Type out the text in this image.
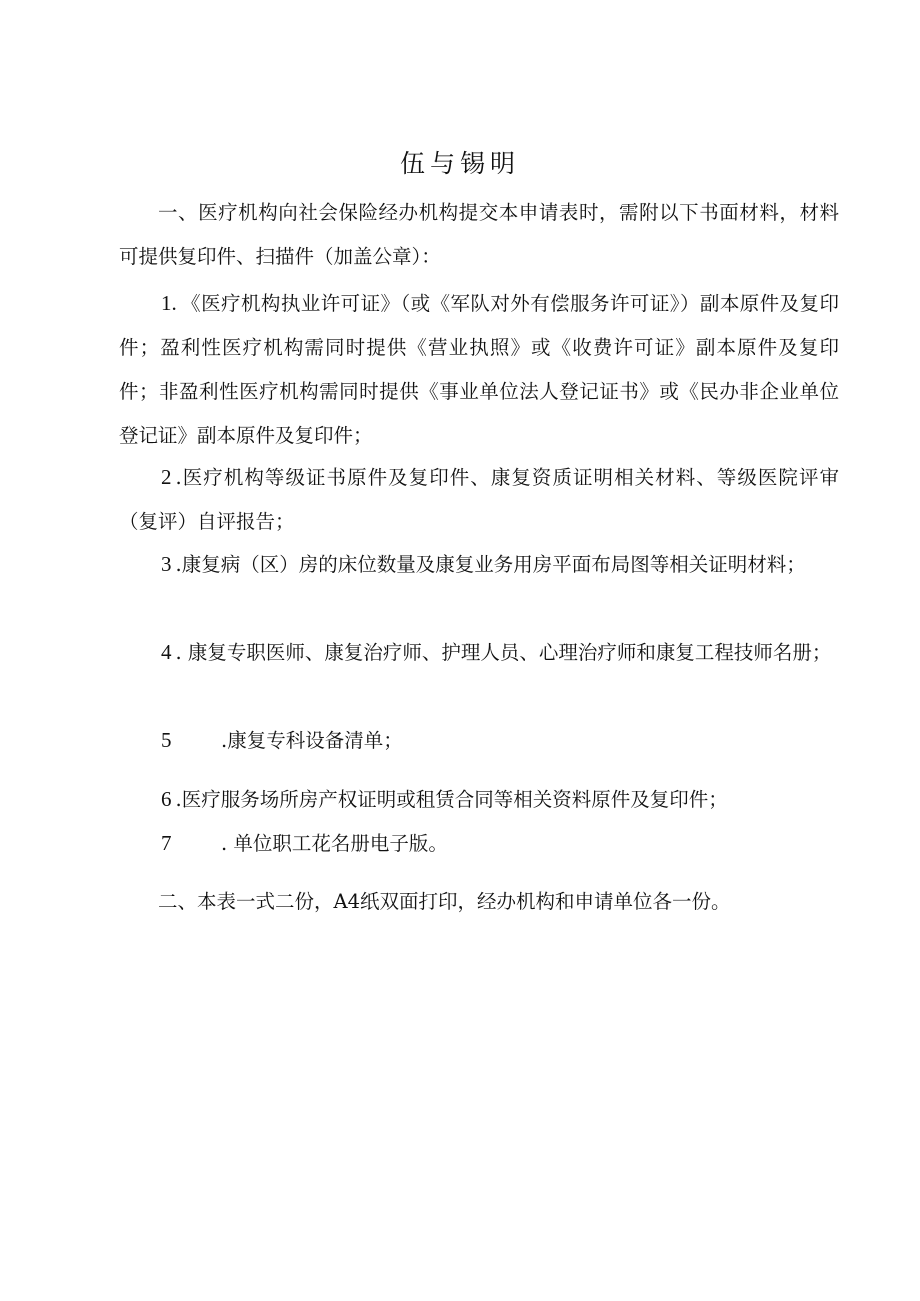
伍与锡明

一、医疗机构向社会保险经办机构提交本申请表时，需附以下书面材料，材料可提供复印件、扫描件（加盖公章）：

1. 《医疗机构执业许可证》（或《军队对外有偿服务许可证》）副本原件及复印件；盈利性医疗机构需同时提供《营业执照》或《收费许可证》副本原件及复印件；非盈利性医疗机构需同时提供《事业单位法人登记证书》或《民办非企业单位登记证》副本原件及复印件；

2 .医疗机构等级证书原件及复印件、康复资质证明相关材料、等级医院评审（复评）自评报告；

3 .康复病（区）房的床位数量及康复业务用房平面布局图等相关证明材料；

4 . 康复专职医师、康复治疗师、护理人员、心理治疗师和康复工程技师名册；

5	.康复专科设备清单；

6 .医疗服务场所房产权证明或租赁合同等相关资料原件及复印件；

7	. 单位职工花名册电子版。

二、本表一式二份，A4纸双面打印，经办机构和申请单位各一份。
